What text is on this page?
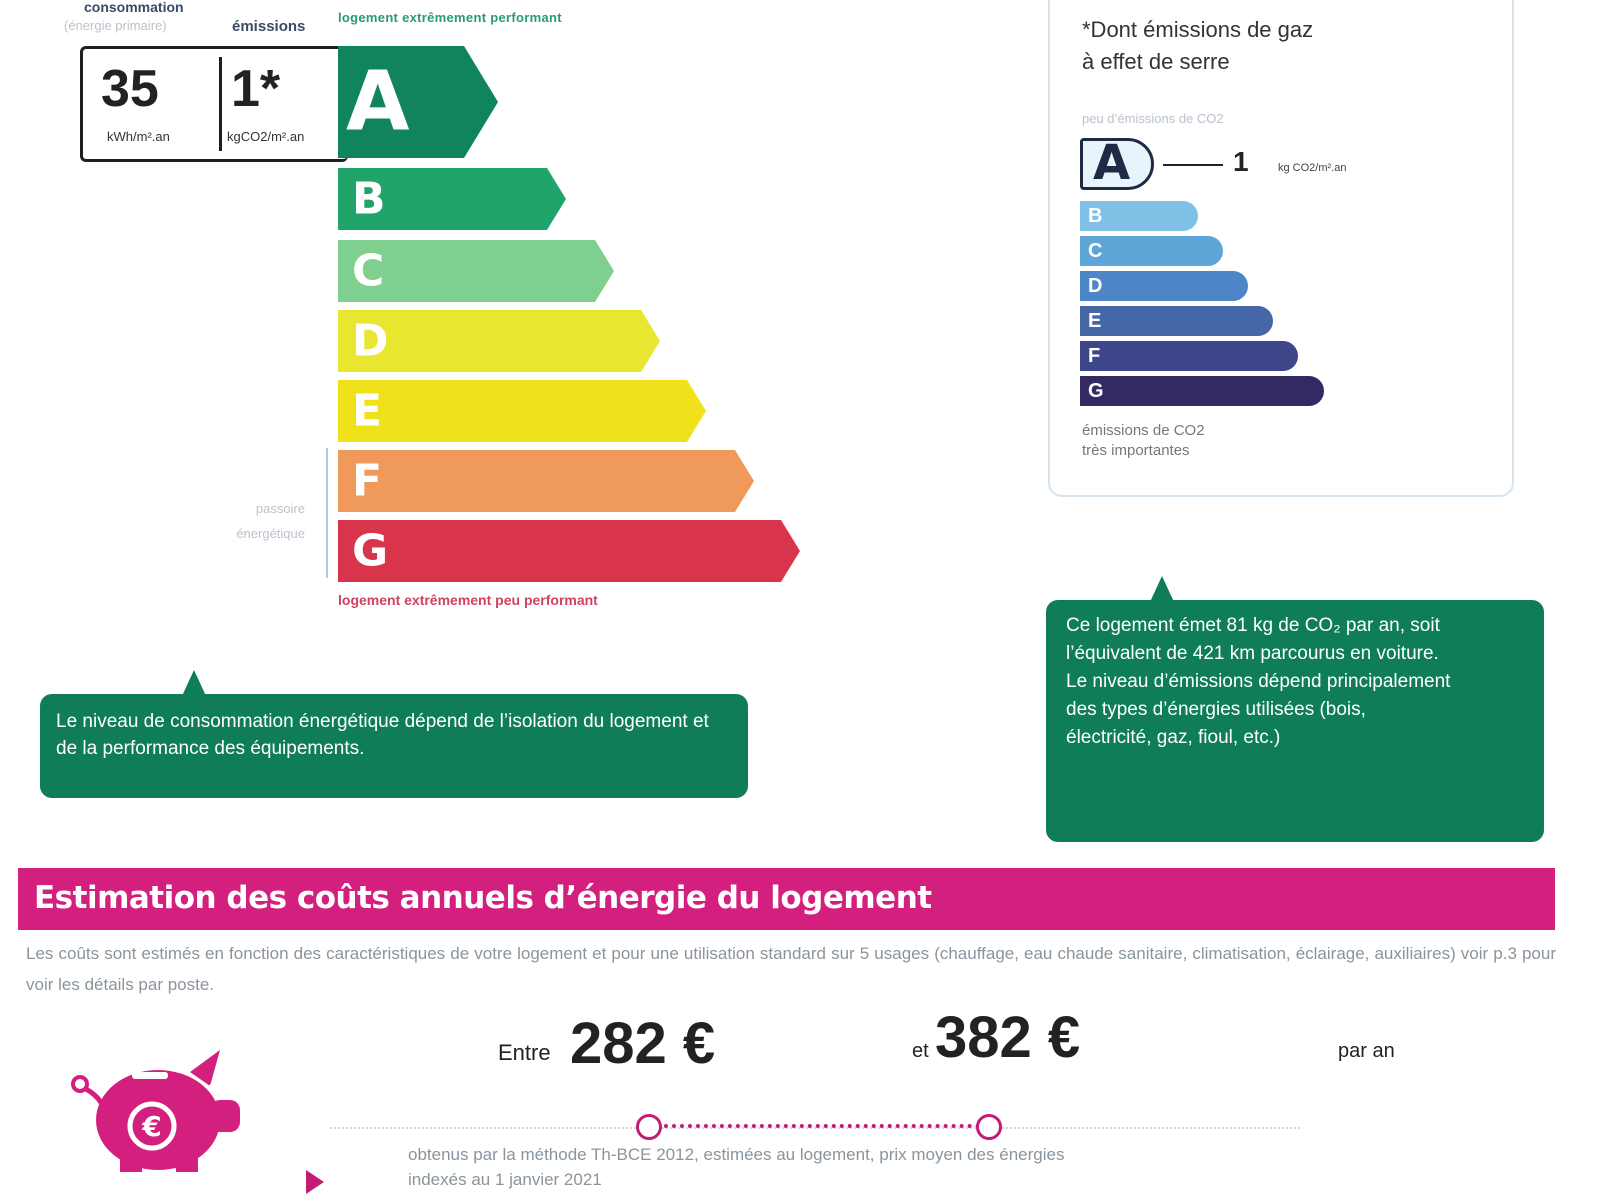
consommation
(énergie primaire)	émissions
logement extrêmement performant
35
kWh/m².an
1*
kgCO2/m².an A
B
C
D
E
F
G
passoire
énergétique
logement extrêmement peu performant
Le niveau de consommation énergétique dépend de l’isolation du logement et de la performance des équipements.
*Dont émissions de gaz
à effet de serre
peu d’émissions de CO2
A	1	kg CO2/m².an
B
C
D
E
F
G
émissions de CO2
très importantes
Ce logement émet 81 kg de CO₂ par an, soit
l’équivalent de 421 km parcourus en voiture.
Le niveau d’émissions dépend principalement
des types d’énergies utilisées (bois,
électricité, gaz, fioul, etc.)
Estimation des coûts annuels d’énergie du logement
Les coûts sont estimés en fonction des caractéristiques de votre logement et pour une utilisation standard sur 5 usages (chauffage, eau chaude sanitaire, climatisation, éclairage, auxiliaires) voir p.3 pour voir les détails par poste.
€
Entre 282 €	et 382 €	par an
obtenus par la méthode Th-BCE 2012, estimées au logement, prix moyen des énergies
indexés au 1 janvier 2021
